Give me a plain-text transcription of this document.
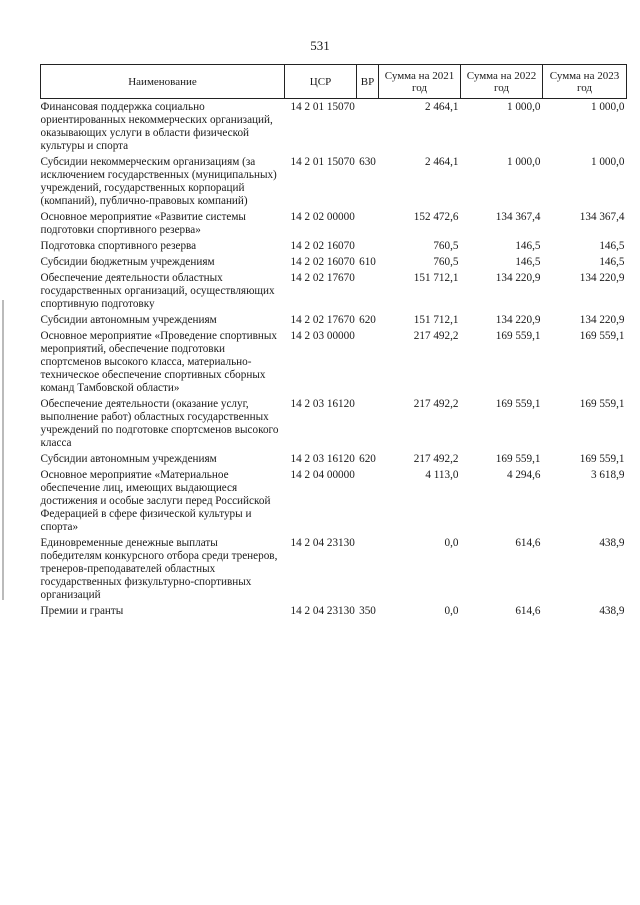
531
Наименование	ЦСР	ВР	Сумма на 2021 год	Сумма на 2022 год	Сумма на 2023 год
Финансовая поддержка социально ориентированных некоммерческих организаций, оказывающих услуги в области физической культуры и спорта	14 2 01 15070		2 464,1	1 000,0	1 000,0
Субсидии некоммерческим организациям (за исключением государственных (муниципальных) учреждений, государственных корпораций (компаний), публично-правовых компаний)	14 2 01 15070	630	2 464,1	1 000,0	1 000,0
Основное мероприятие «Развитие системы подготовки спортивного резерва»	14 2 02 00000		152 472,6	134 367,4	134 367,4
Подготовка спортивного резерва	14 2 02 16070		760,5	146,5	146,5
Субсидии бюджетным учреждениям	14 2 02 16070	610	760,5	146,5	146,5
Обеспечение деятельности областных государственных организаций, осуществляющих спортивную подготовку	14 2 02 17670		151 712,1	134 220,9	134 220,9
Субсидии автономным учреждениям	14 2 02 17670	620	151 712,1	134 220,9	134 220,9
Основное мероприятие «Проведение спортивных мероприятий, обеспечение подготовки спортсменов высокого класса, материально-техническое обеспечение спортивных сборных команд Тамбовской области»	14 2 03 00000		217 492,2	169 559,1	169 559,1
Обеспечение деятельности (оказание услуг, выполнение работ) областных государственных учреждений по подготовке спортсменов высокого класса	14 2 03 16120		217 492,2	169 559,1	169 559,1
Субсидии автономным учреждениям	14 2 03 16120	620	217 492,2	169 559,1	169 559,1
Основное мероприятие «Материальное обеспечение лиц, имеющих выдающиеся достижения и особые заслуги перед Российской Федерацией в сфере физической культуры и спорта»	14 2 04 00000		4 113,0	4 294,6	3 618,9
Единовременные денежные выплаты победителям конкурсного отбора среди тренеров, тренеров-преподавателей областных государственных физкультурно-спортивных организаций	14 2 04 23130		0,0	614,6	438,9
Премии и гранты	14 2 04 23130	350	0,0	614,6	438,9
